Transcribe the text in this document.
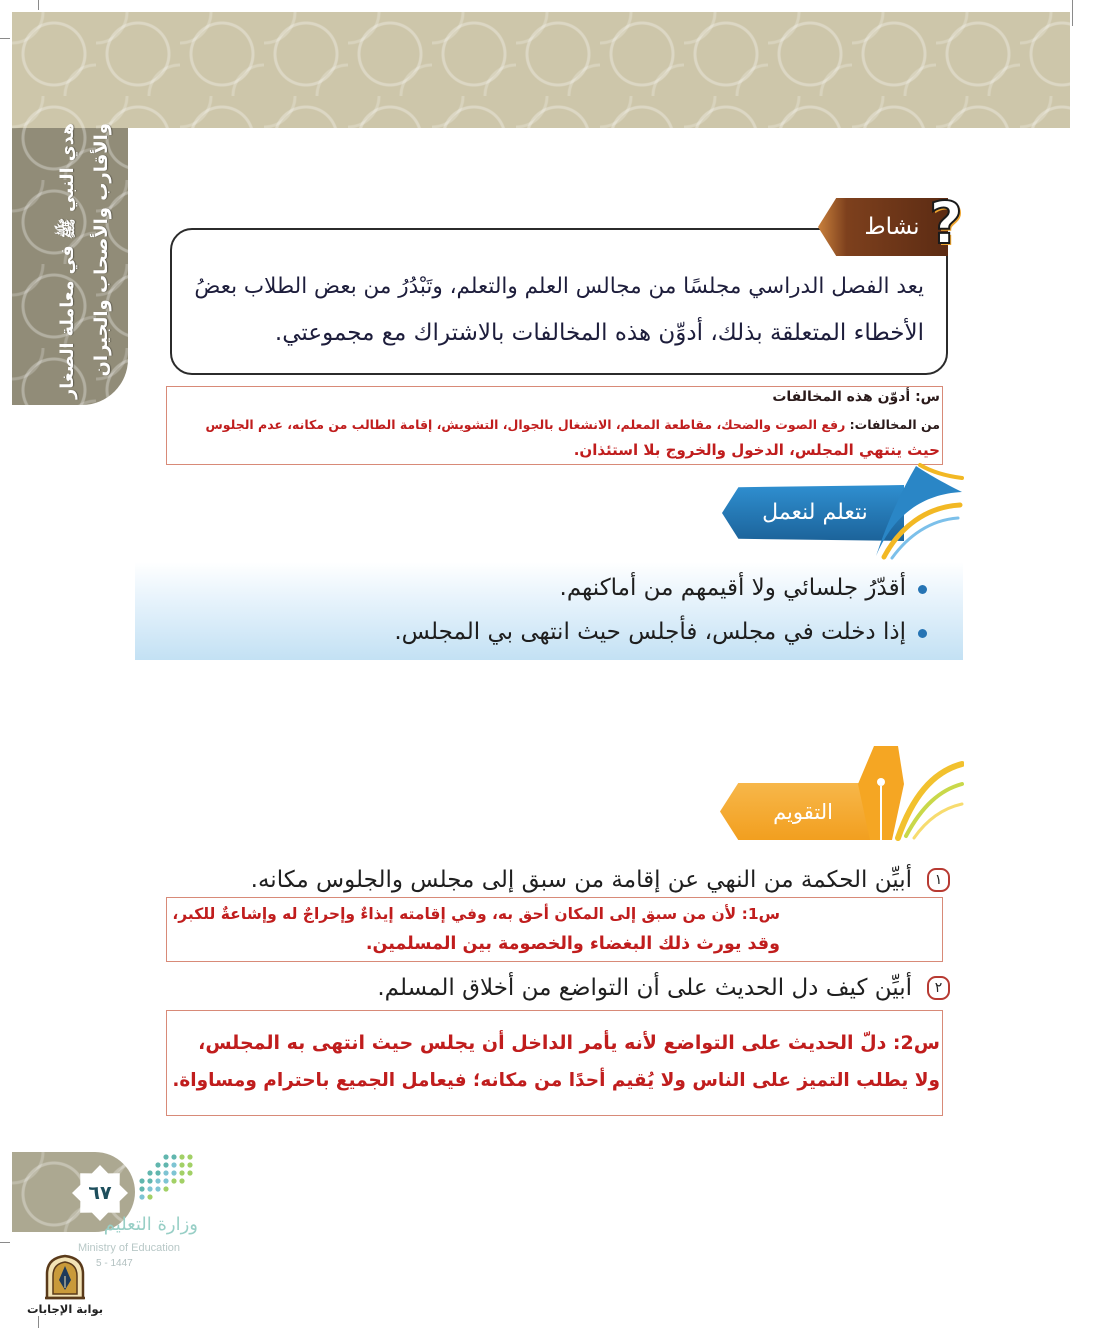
هدي النبي ﷺ في معاملة الصغار والأقارب والأصحاب والجيران	نشاط ?
يعد الفصل الدراسي مجلسًا من مجالس العلم والتعلم، وتَبْدُرُ من بعض الطلاب بعضُ
الأخطاء المتعلقة بذلك، أدوِّن هذه المخالفات بالاشتراك مع مجموعتي.
س: أدوّن هذه المخالفات
من المخالفات: رفع الصوت والضحك، مقاطعة المعلم، الانشغال بالجوال، التشويش، إقامة الطالب من مكانه، عدم الجلوس
حيث ينتهي المجلس، الدخول والخروج بلا استئذان.
نتعلم لنعمل
أقدّرُ جلسائي ولا أقيمهم من أماكنهم.
إذا دخلت في مجلس، فأجلس حيث انتهى بي المجلس.
التقويم
١
أبيِّن الحكمة من النهي عن إقامة من سبق إلى مجلس والجلوس مكانه.
س1: لأن من سبق إلى المكان أحق به، وفي إقامته إيذاءٌ وإحراجٌ له وإشاعةٌ للكبر،
وقد يورث ذلك البغضاء والخصومة بين المسلمين.
٢
أبيِّن كيف دل الحديث على أن التواضع من أخلاق المسلم.
س2: دلّ الحديث على التواضع لأنه يأمر الداخل أن يجلس حيث انتهى به المجلس،
ولا يطلب التميز على الناس ولا يُقيم أحدًا من مكانه؛ فيعامل الجميع باحترام ومساواة.
٦٧
وزارة التعليم
Ministry of Education
5 - 1447
بوابة الإجابات
